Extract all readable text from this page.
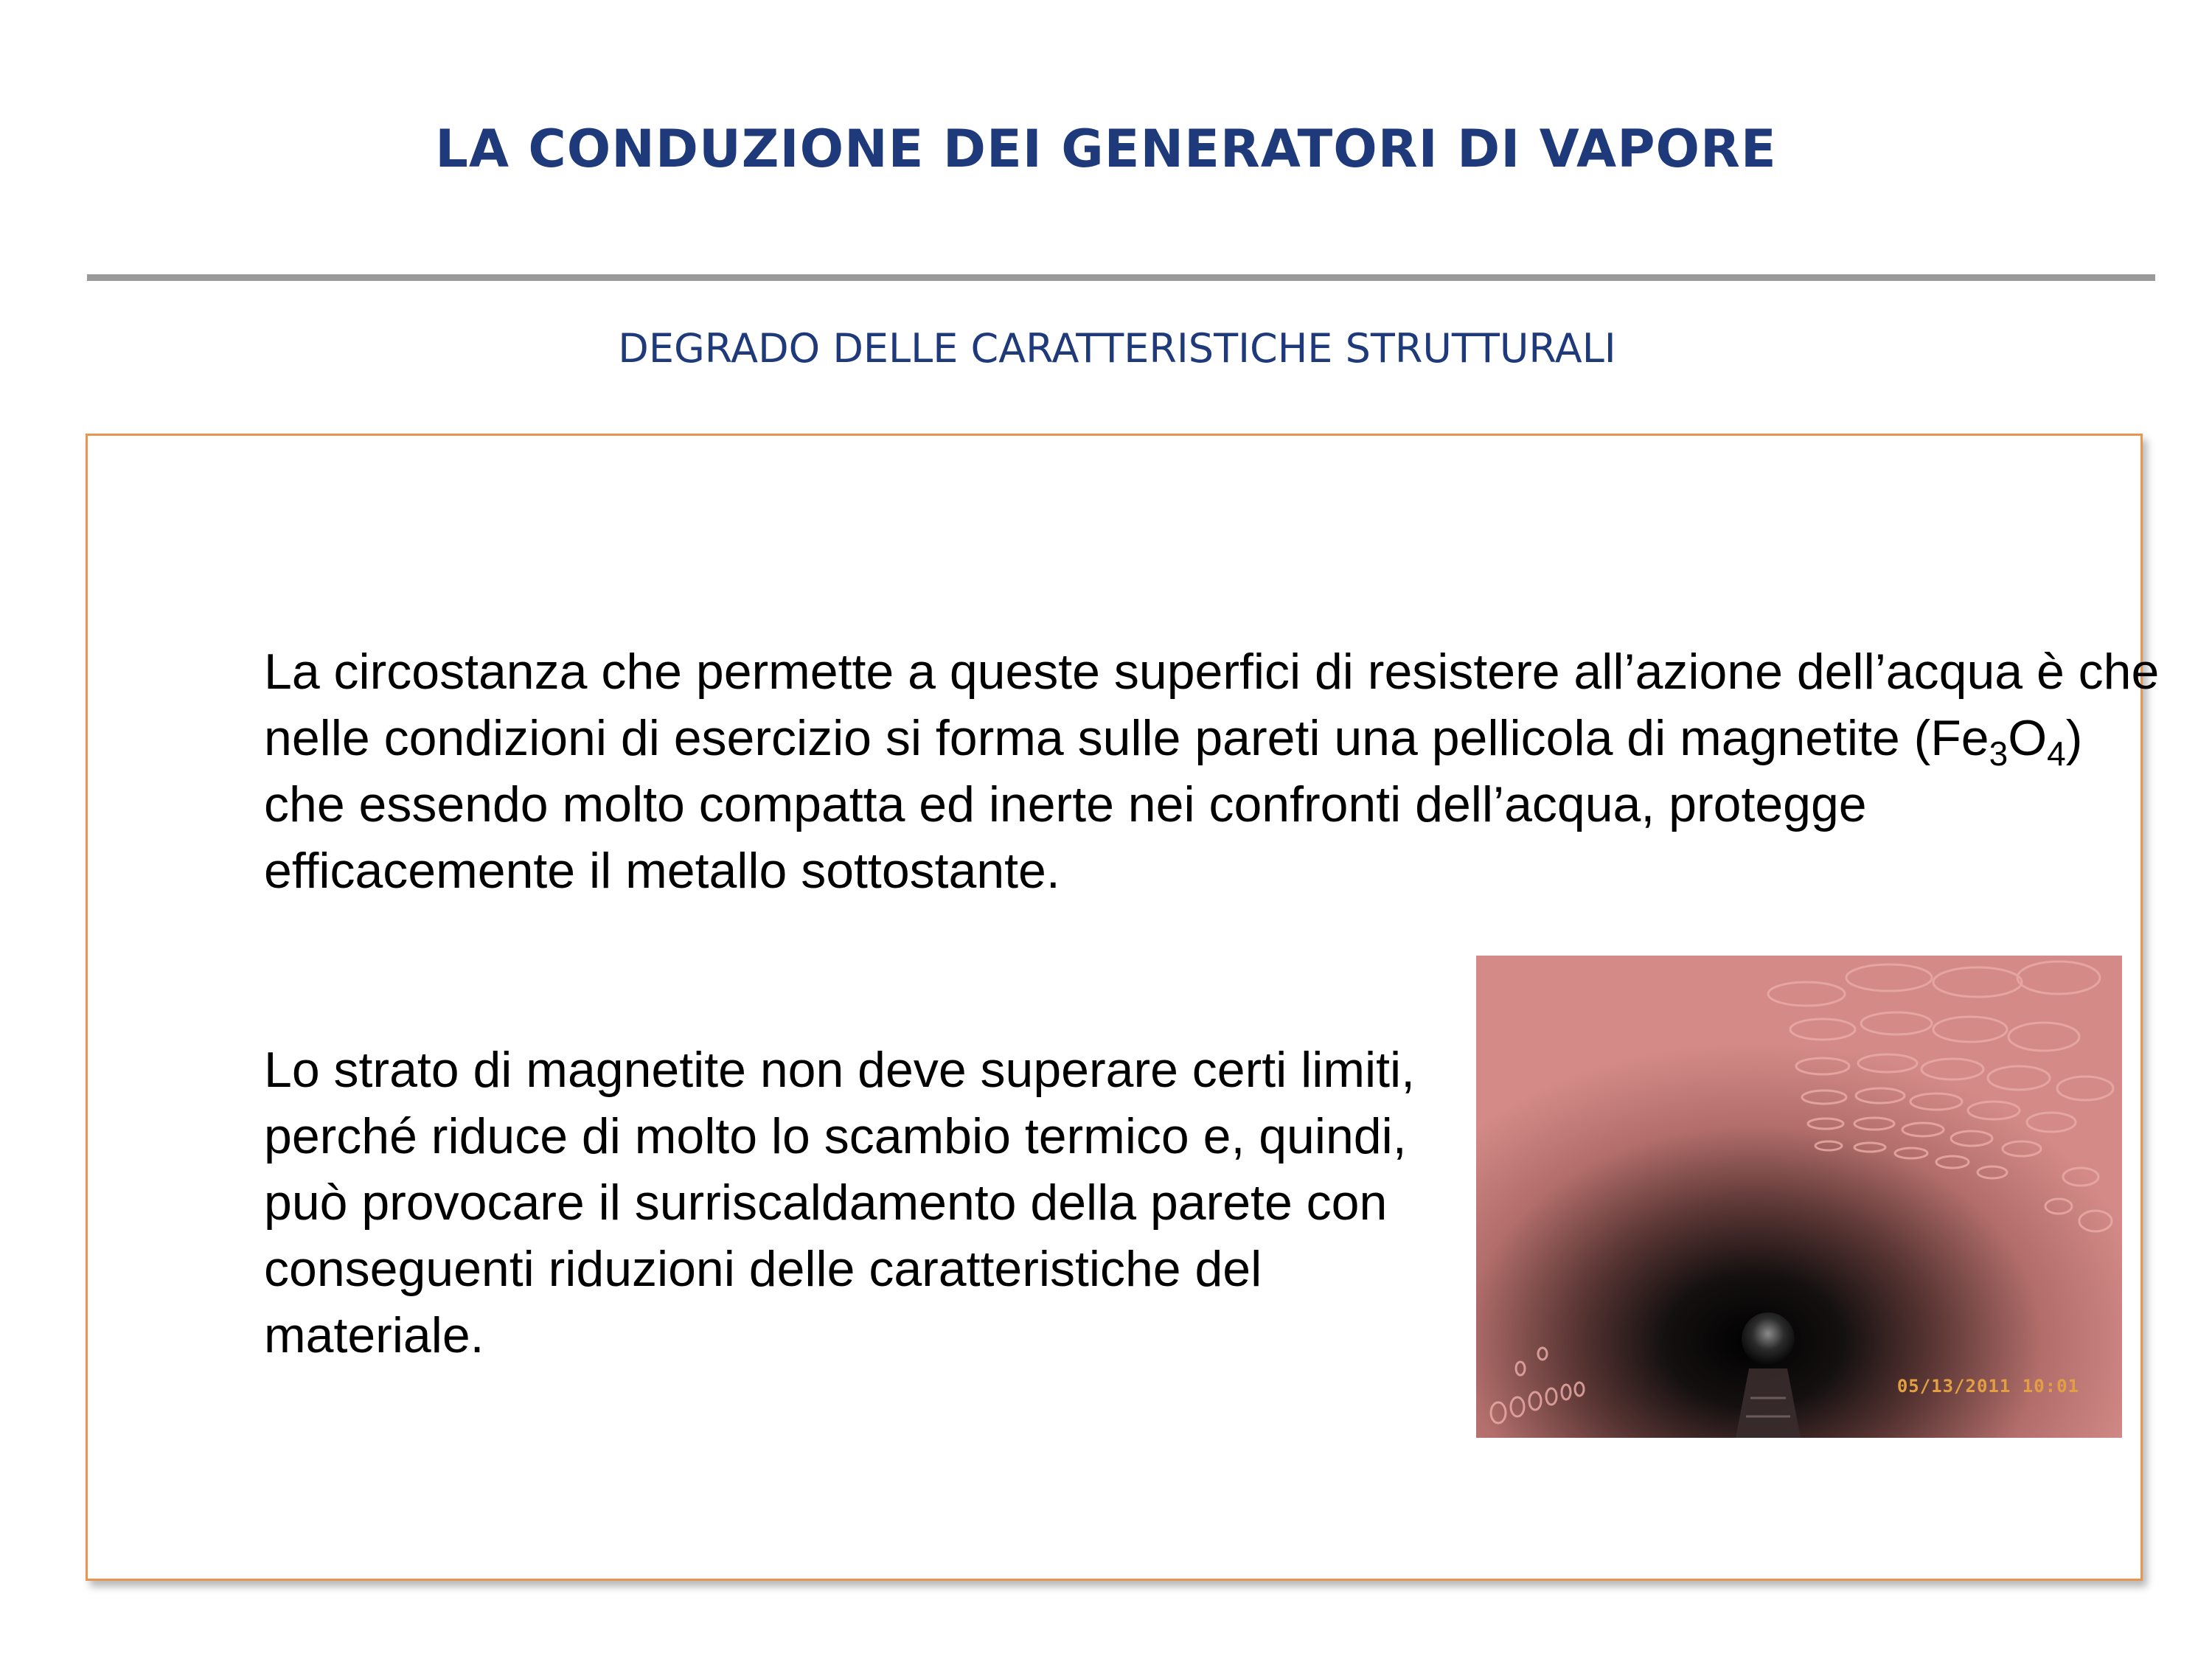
LA CONDUZIONE DEI GENERATORI DI VAPORE
DEGRADO DELLE CARATTERISTICHE STRUTTURALI

La circostanza che permette a queste superfici di resistere all’azione dell’acqua è che nelle condizioni di esercizio si forma sulle pareti una pellicola di magnetite $(Fe_3O_4)$ che essendo molto compatta ed inerte nei confronti dell’acqua, protegge efficacemente il metallo sottostante.

Lo strato di magnetite non deve superare certi limiti, perché riduce di molto lo scambio termico e, quindi, può provocare il surriscaldamento della parete con conseguenti riduzioni delle caratteristiche del materiale.

05/13/2011 10:01
